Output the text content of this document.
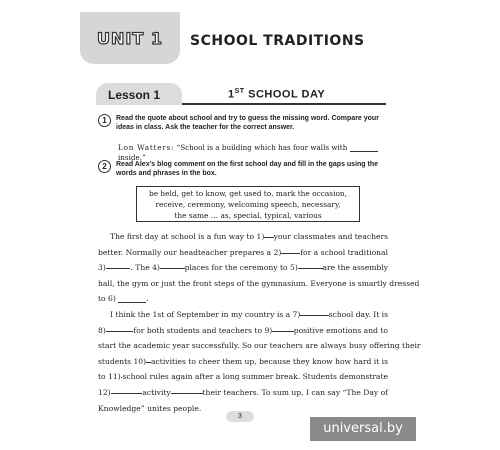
UNIT 1 SCHOOL TRADITIONS
Lesson 1	1ST SCHOOL DAY
1	Read the quote about school and try to guess the missing word. Compare your ideas in class. Ask the teacher for the correct answer.
Lon Watters: “School is a building which has four walls with  inside.”
2	Read Alex’s blog comment on the first school day and fill in the gaps using the words and phrases in the box.
be held, get to know, get used to, mark the occasion,
receive, ceremony, welcoming speech, necessary,
the same … as, special, typical, various
The first day at school is a fun way to 1) your classmates and teachers
better. Normally our headteacher prepares a 2) for a school traditional
3)	. The 4)	places for the ceremony to 5)	are the assembly
hall, the gym or just the front steps of the gymnasium. Everyone is smartly dressed
to 6)	.
I think the 1st of September in my country is a 7)	school day. It is
8)	for both students and teachers to 9)	positive emotions and to
start the academic year successfully. So our teachers are always busy offering their
students 10) activities to cheer them up, because they know how hard it is
to 11) school rules again after a long summer break. Students demonstrate
12)	activity	their teachers. To sum up, I can say “The Day of
Knowledge” unites people.
3
universal.by
